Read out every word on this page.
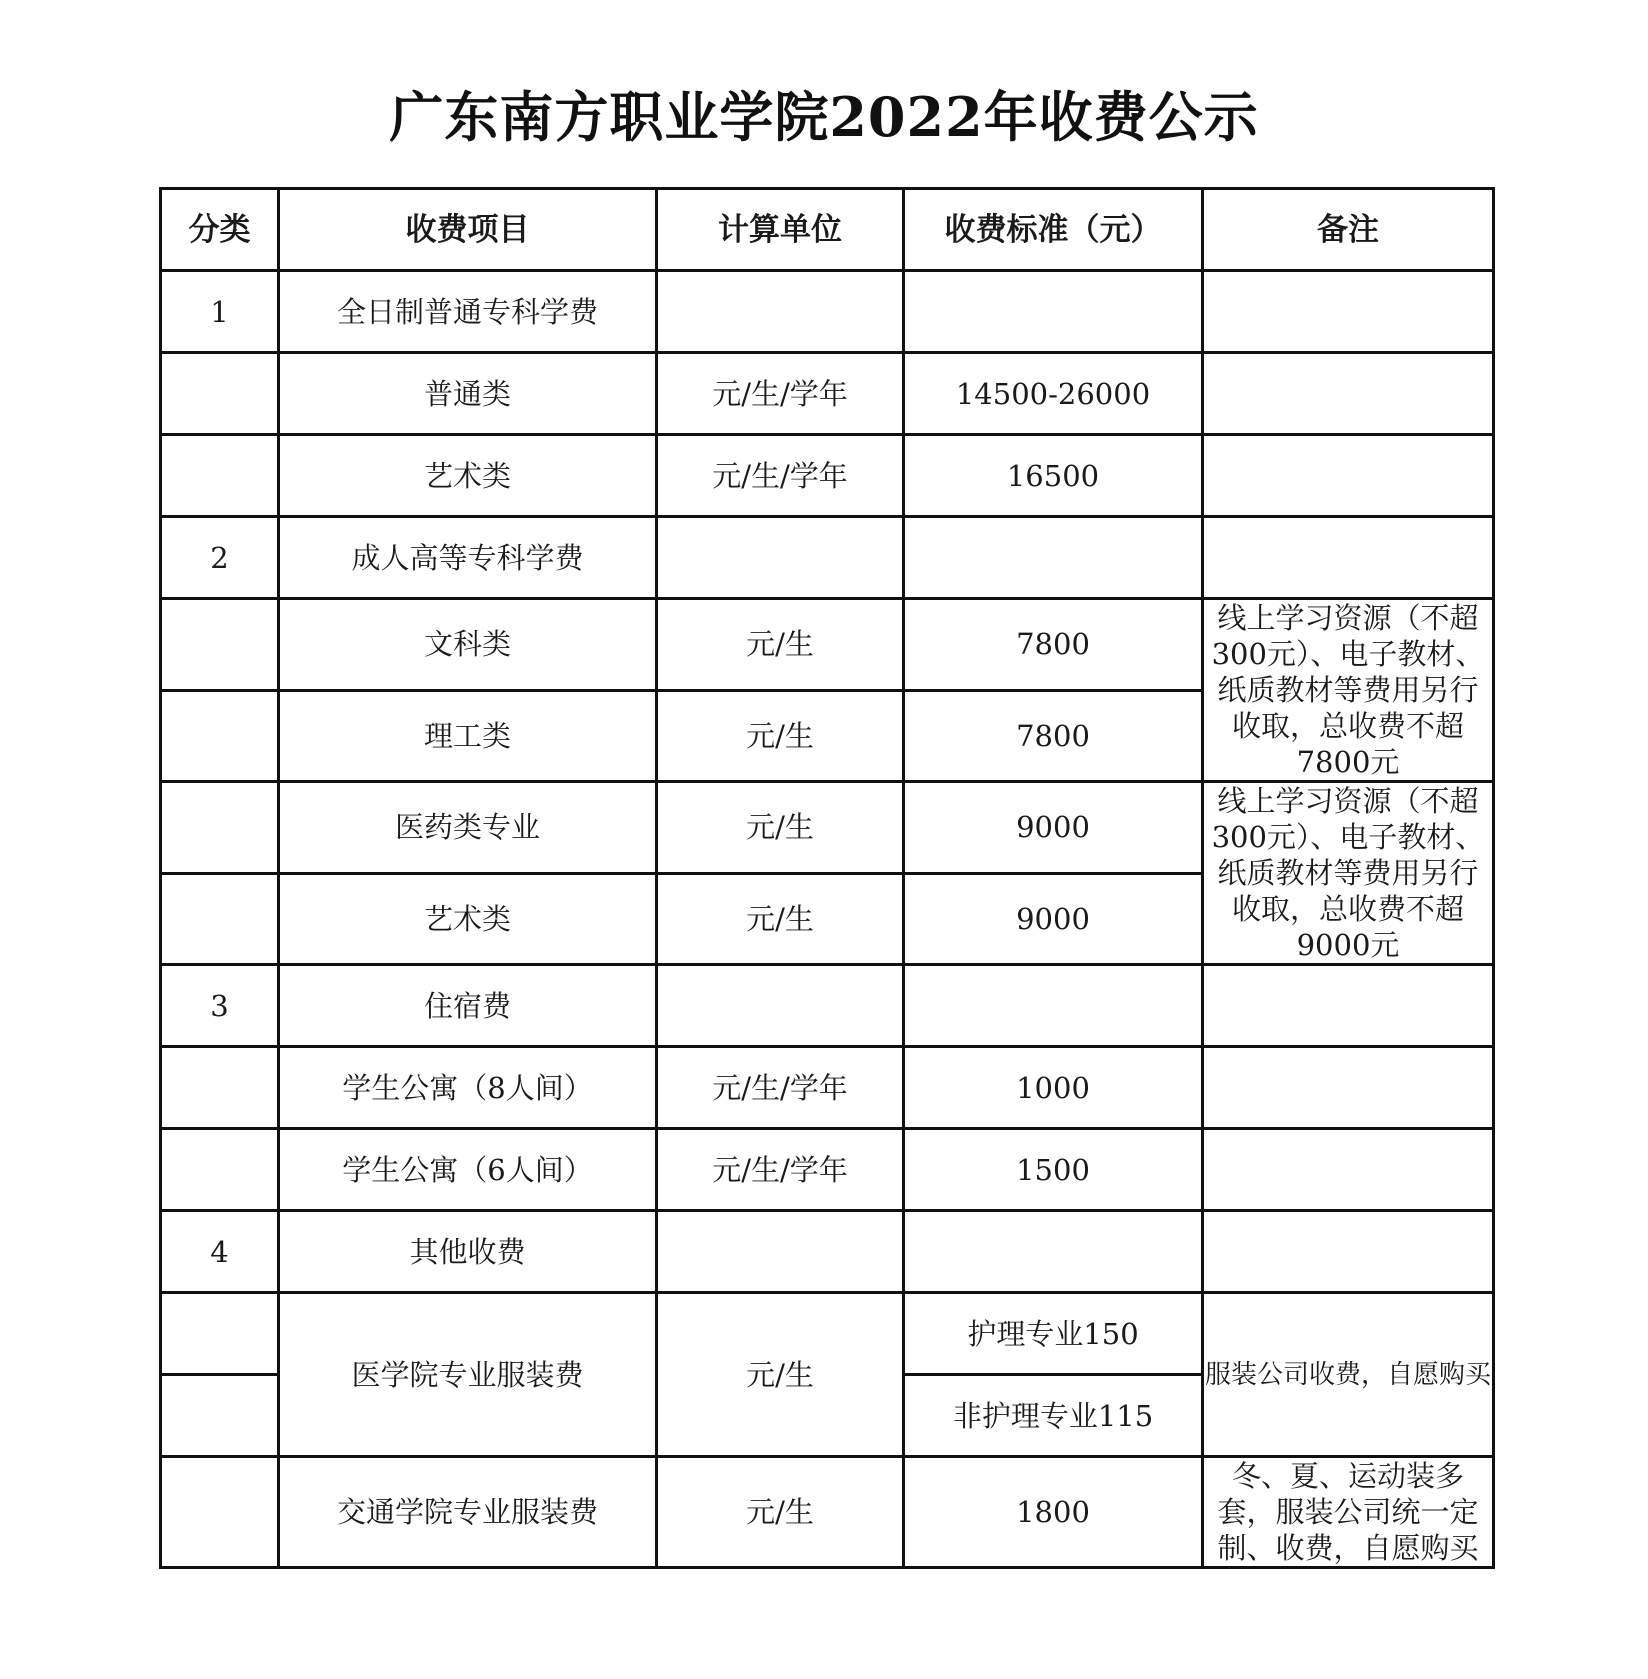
广东南方职业学院2022年收费公示
分类	收费项目	计算单位	收费标准（元）	备注
1	全日制普通专科学费			
	普通类	元/生/学年	14500-26000	
	艺术类	元/生/学年	16500	
2	成人高等专科学费			
	文科类	元/生	7800	线上学习资源（不超300元）、电子教材、纸质教材等费用另行收取，总收费不超7800元
	理工类	元/生	7800	
	医药类专业	元/生	9000	线上学习资源（不超300元）、电子教材、纸质教材等费用另行收取，总收费不超9000元
	艺术类	元/生	9000	
3	住宿费			
	学生公寓（8人间）	元/生/学年	1000	
	学生公寓（6人间）	元/生/学年	1500	
4	其他收费			
	医学院专业服装费	元/生	护理专业150	服装公司收费，自愿购买
			非护理专业115	
	交通学院专业服装费	元/生	1800	冬、夏、运动装多套，服装公司统一定制、收费，自愿购买
